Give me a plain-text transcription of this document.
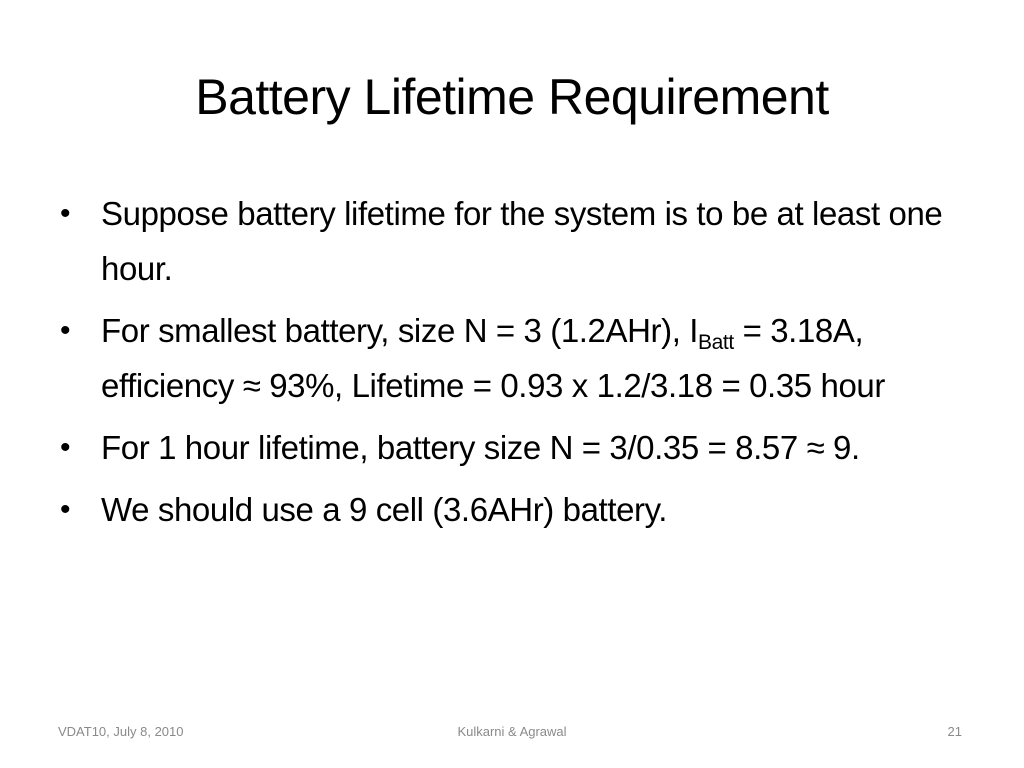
Battery Lifetime Requirement
• Suppose battery lifetime for the system is to be at least one hour.
• For smallest battery, size N = 3 (1.2AHr), $I_{Batt} = 3.18A$, efficiency ≈ 93%, Lifetime = 0.93 x 1.2/3.18 = 0.35 hour
• For 1 hour lifetime, battery size N = 3/0.35 = 8.57 ≈ 9.
• We should use a 9 cell (3.6AHr) battery.
VDAT10, July 8, 2010	Kulkarni & Agrawal	21
